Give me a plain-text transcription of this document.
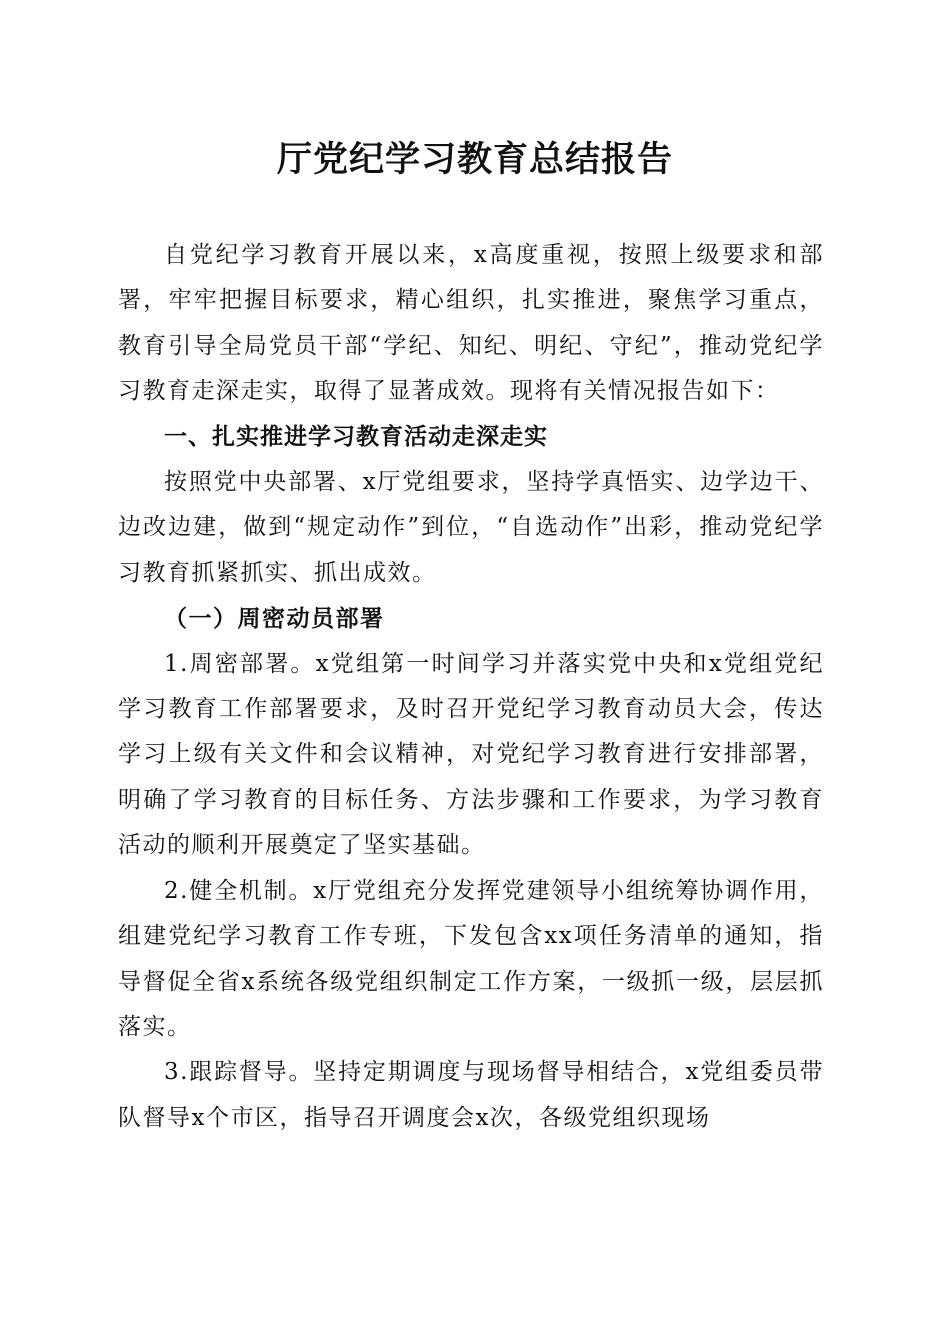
厅党纪学习教育总结报告

自党纪学习教育开展以来，x高度重视，按照上级要求和部署，牢牢把握目标要求，精心组织，扎实推进，聚焦学习重点，教育引导全局党员干部“学纪、知纪、明纪、守纪”，推动党纪学习教育走深走实，取得了显著成效。现将有关情况报告如下：

一、扎实推进学习教育活动走深走实

按照党中央部署、x厅党组要求，坚持学真悟实、边学边干、边改边建，做到“规定动作”到位，“自选动作”出彩，推动党纪学习教育抓紧抓实、抓出成效。

（一）周密动员部署

1.周密部署。x党组第一时间学习并落实党中央和x党组党纪学习教育工作部署要求，及时召开党纪学习教育动员大会，传达学习上级有关文件和会议精神，对党纪学习教育进行安排部署，明确了学习教育的目标任务、方法步骤和工作要求，为学习教育活动的顺利开展奠定了坚实基础。

2.健全机制。x厅党组充分发挥党建领导小组统筹协调作用，组建党纪学习教育工作专班，下发包含xx项任务清单的通知，指导督促全省x系统各级党组织制定工作方案，一级抓一级，层层抓落实。

3.跟踪督导。坚持定期调度与现场督导相结合，x党组委员带队督导x个市区，指导召开调度会x次，各级党组织现场
